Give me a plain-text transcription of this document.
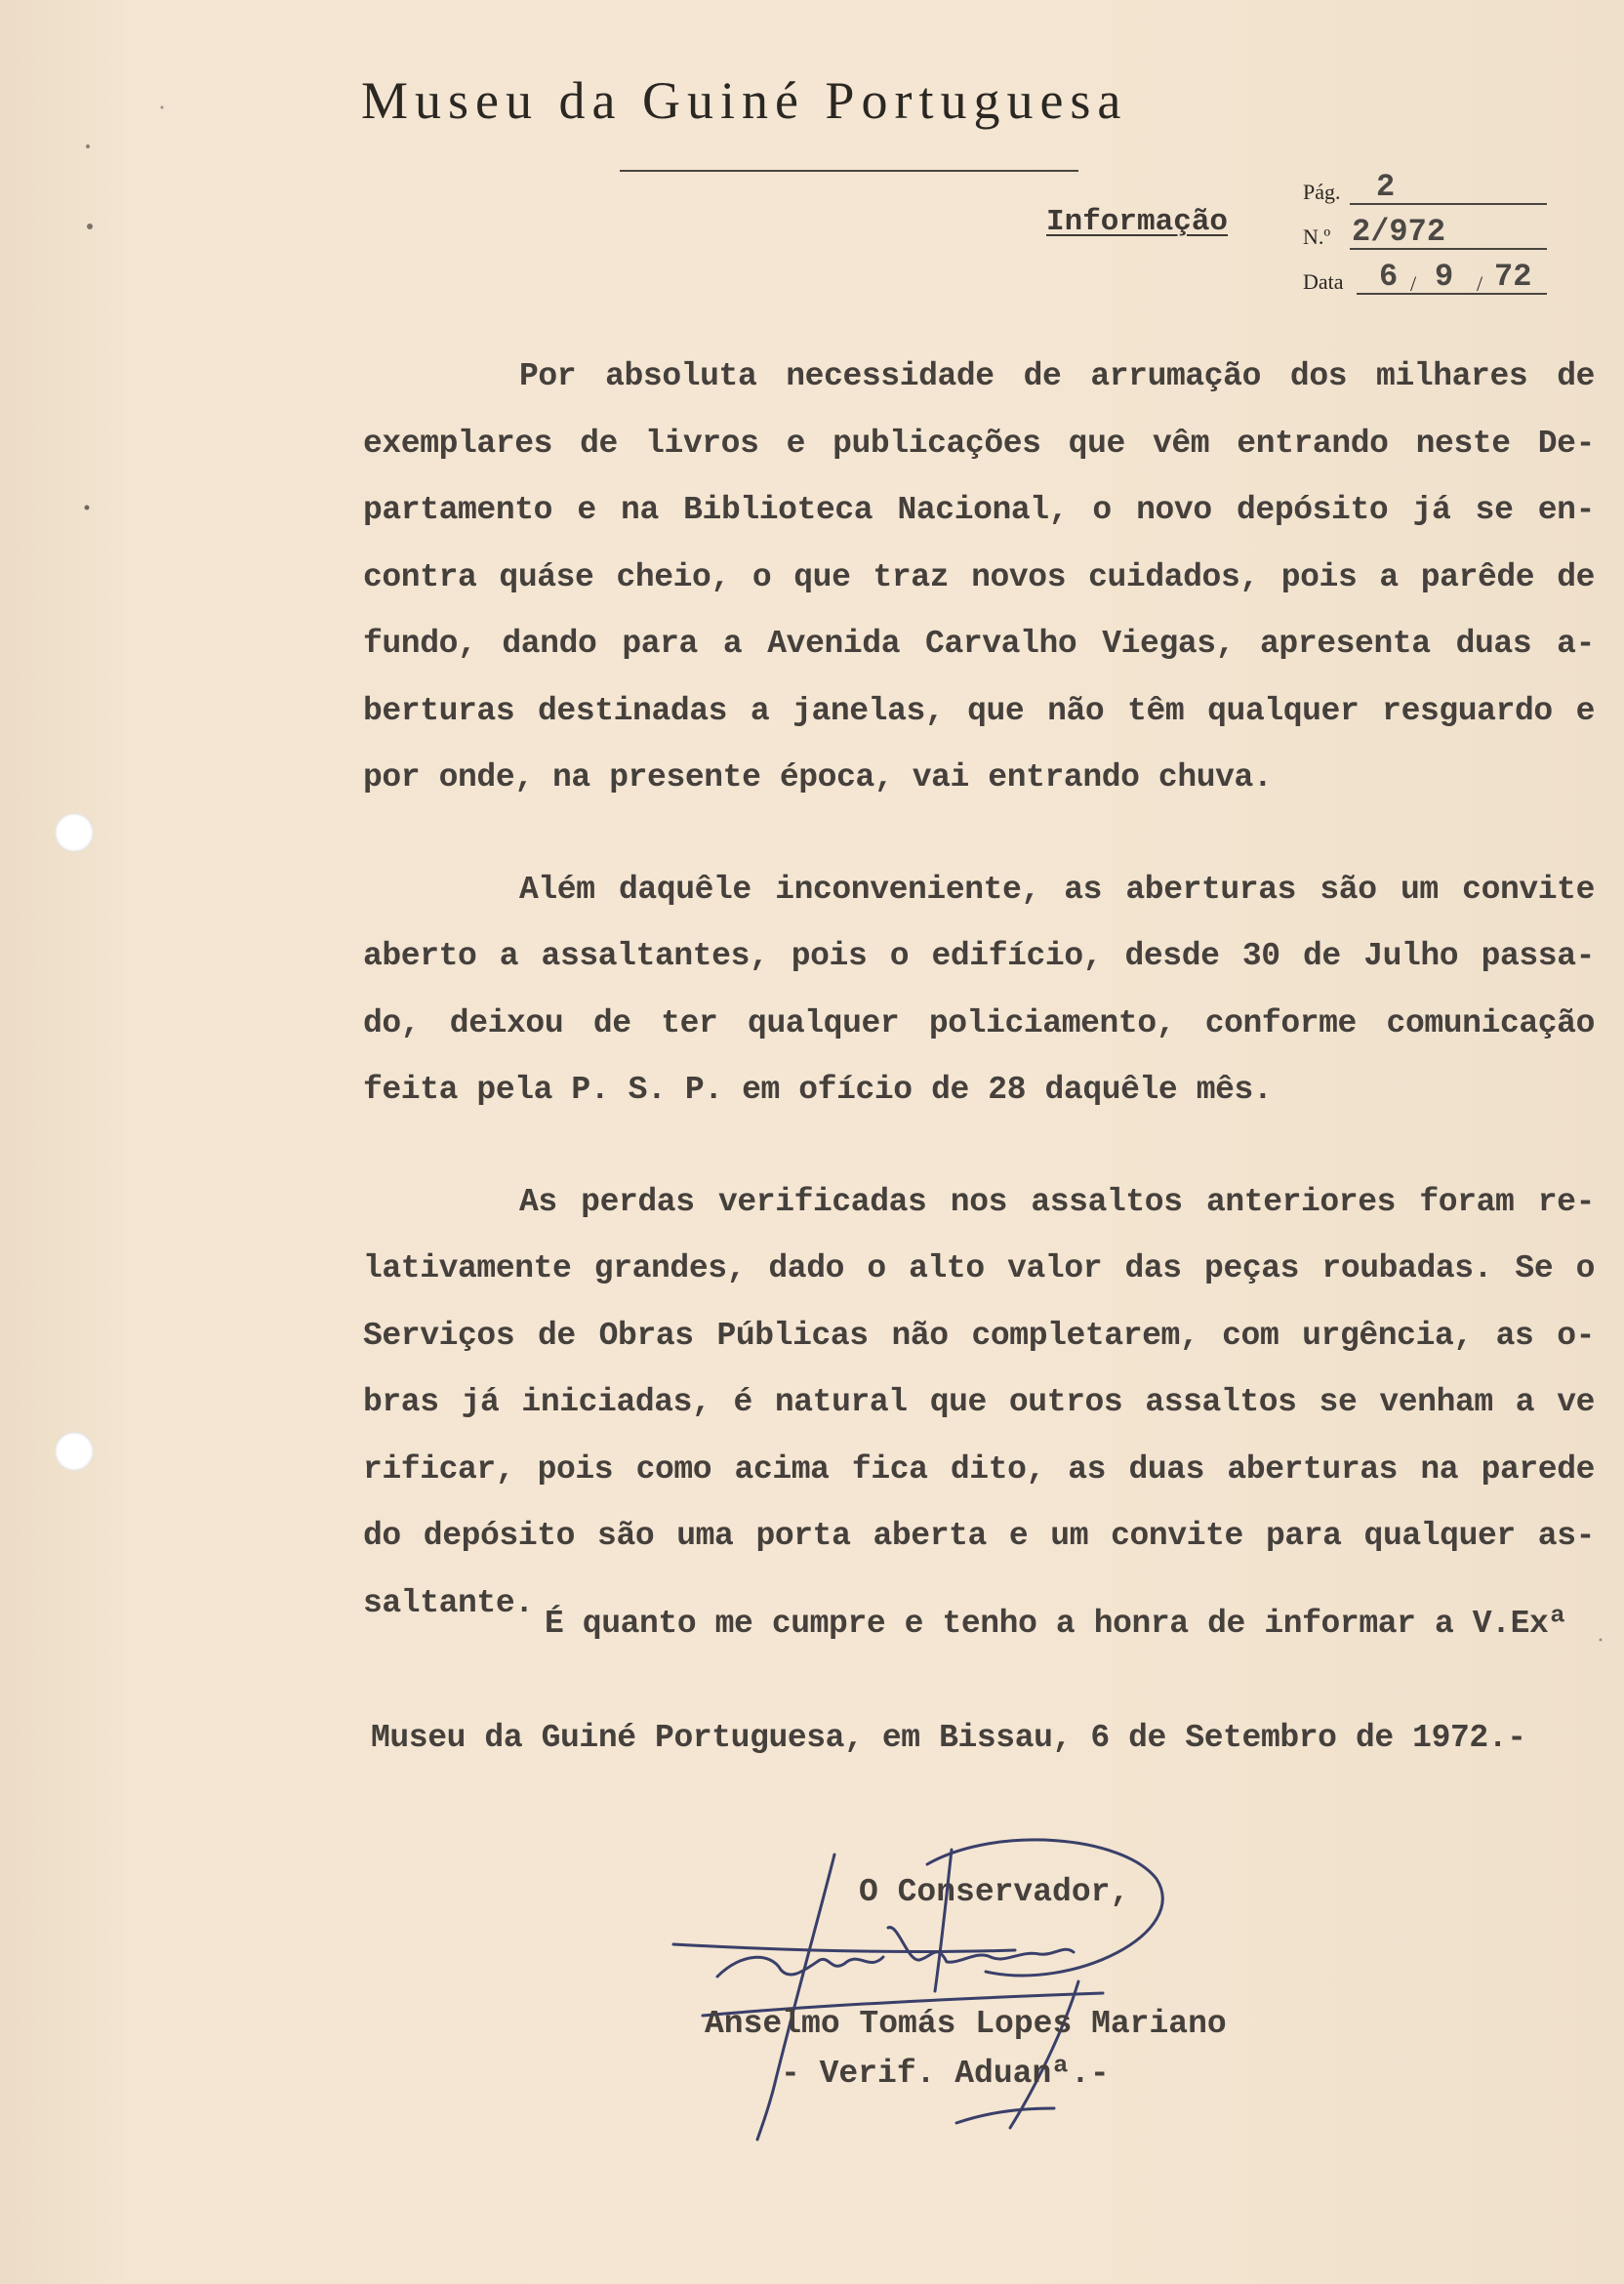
Museu da Guiné Portuguesa
Informação
Pág. 2
N.º 2/972
Data 6 / 9 / 72
Por absoluta necessidade de arrumação dos milhares de
exemplares de livros e publicações que vêm entrando neste De-
partamento e na Biblioteca Nacional, o novo depósito já se en-
contra quáse cheio, o que traz novos cuidados, pois a parêde de
fundo, dando para a Avenida Carvalho Viegas, apresenta duas a-
berturas destinadas a janelas, que não têm qualquer resguardo e
por onde, na presente época, vai entrando chuva.
Além daquêle inconveniente, as aberturas são um convite
aberto a assaltantes, pois o edifício, desde 30 de Julho passa-
do, deixou de ter qualquer policiamento, conforme comunicação
feita pela P. S. P. em ofício de 28 daquêle mês.
As perdas verificadas nos assaltos anteriores foram re-
lativamente grandes, dado o alto valor das peças roubadas. Se o
Serviços de Obras Públicas não completarem, com urgência, as o-
bras já iniciadas, é natural que outros assaltos se venham a ve
rificar, pois como acima fica dito, as duas aberturas na parede
do depósito são uma porta aberta e um convite para qualquer as-
saltante.
É quanto me cumpre e tenho a honra de informar a V.Exª
Museu da Guiné Portuguesa, em Bissau, 6 de Setembro de 1972.-
O Conservador,
Anselmo Tomás Lopes Mariano
- Verif. Aduanª.-
